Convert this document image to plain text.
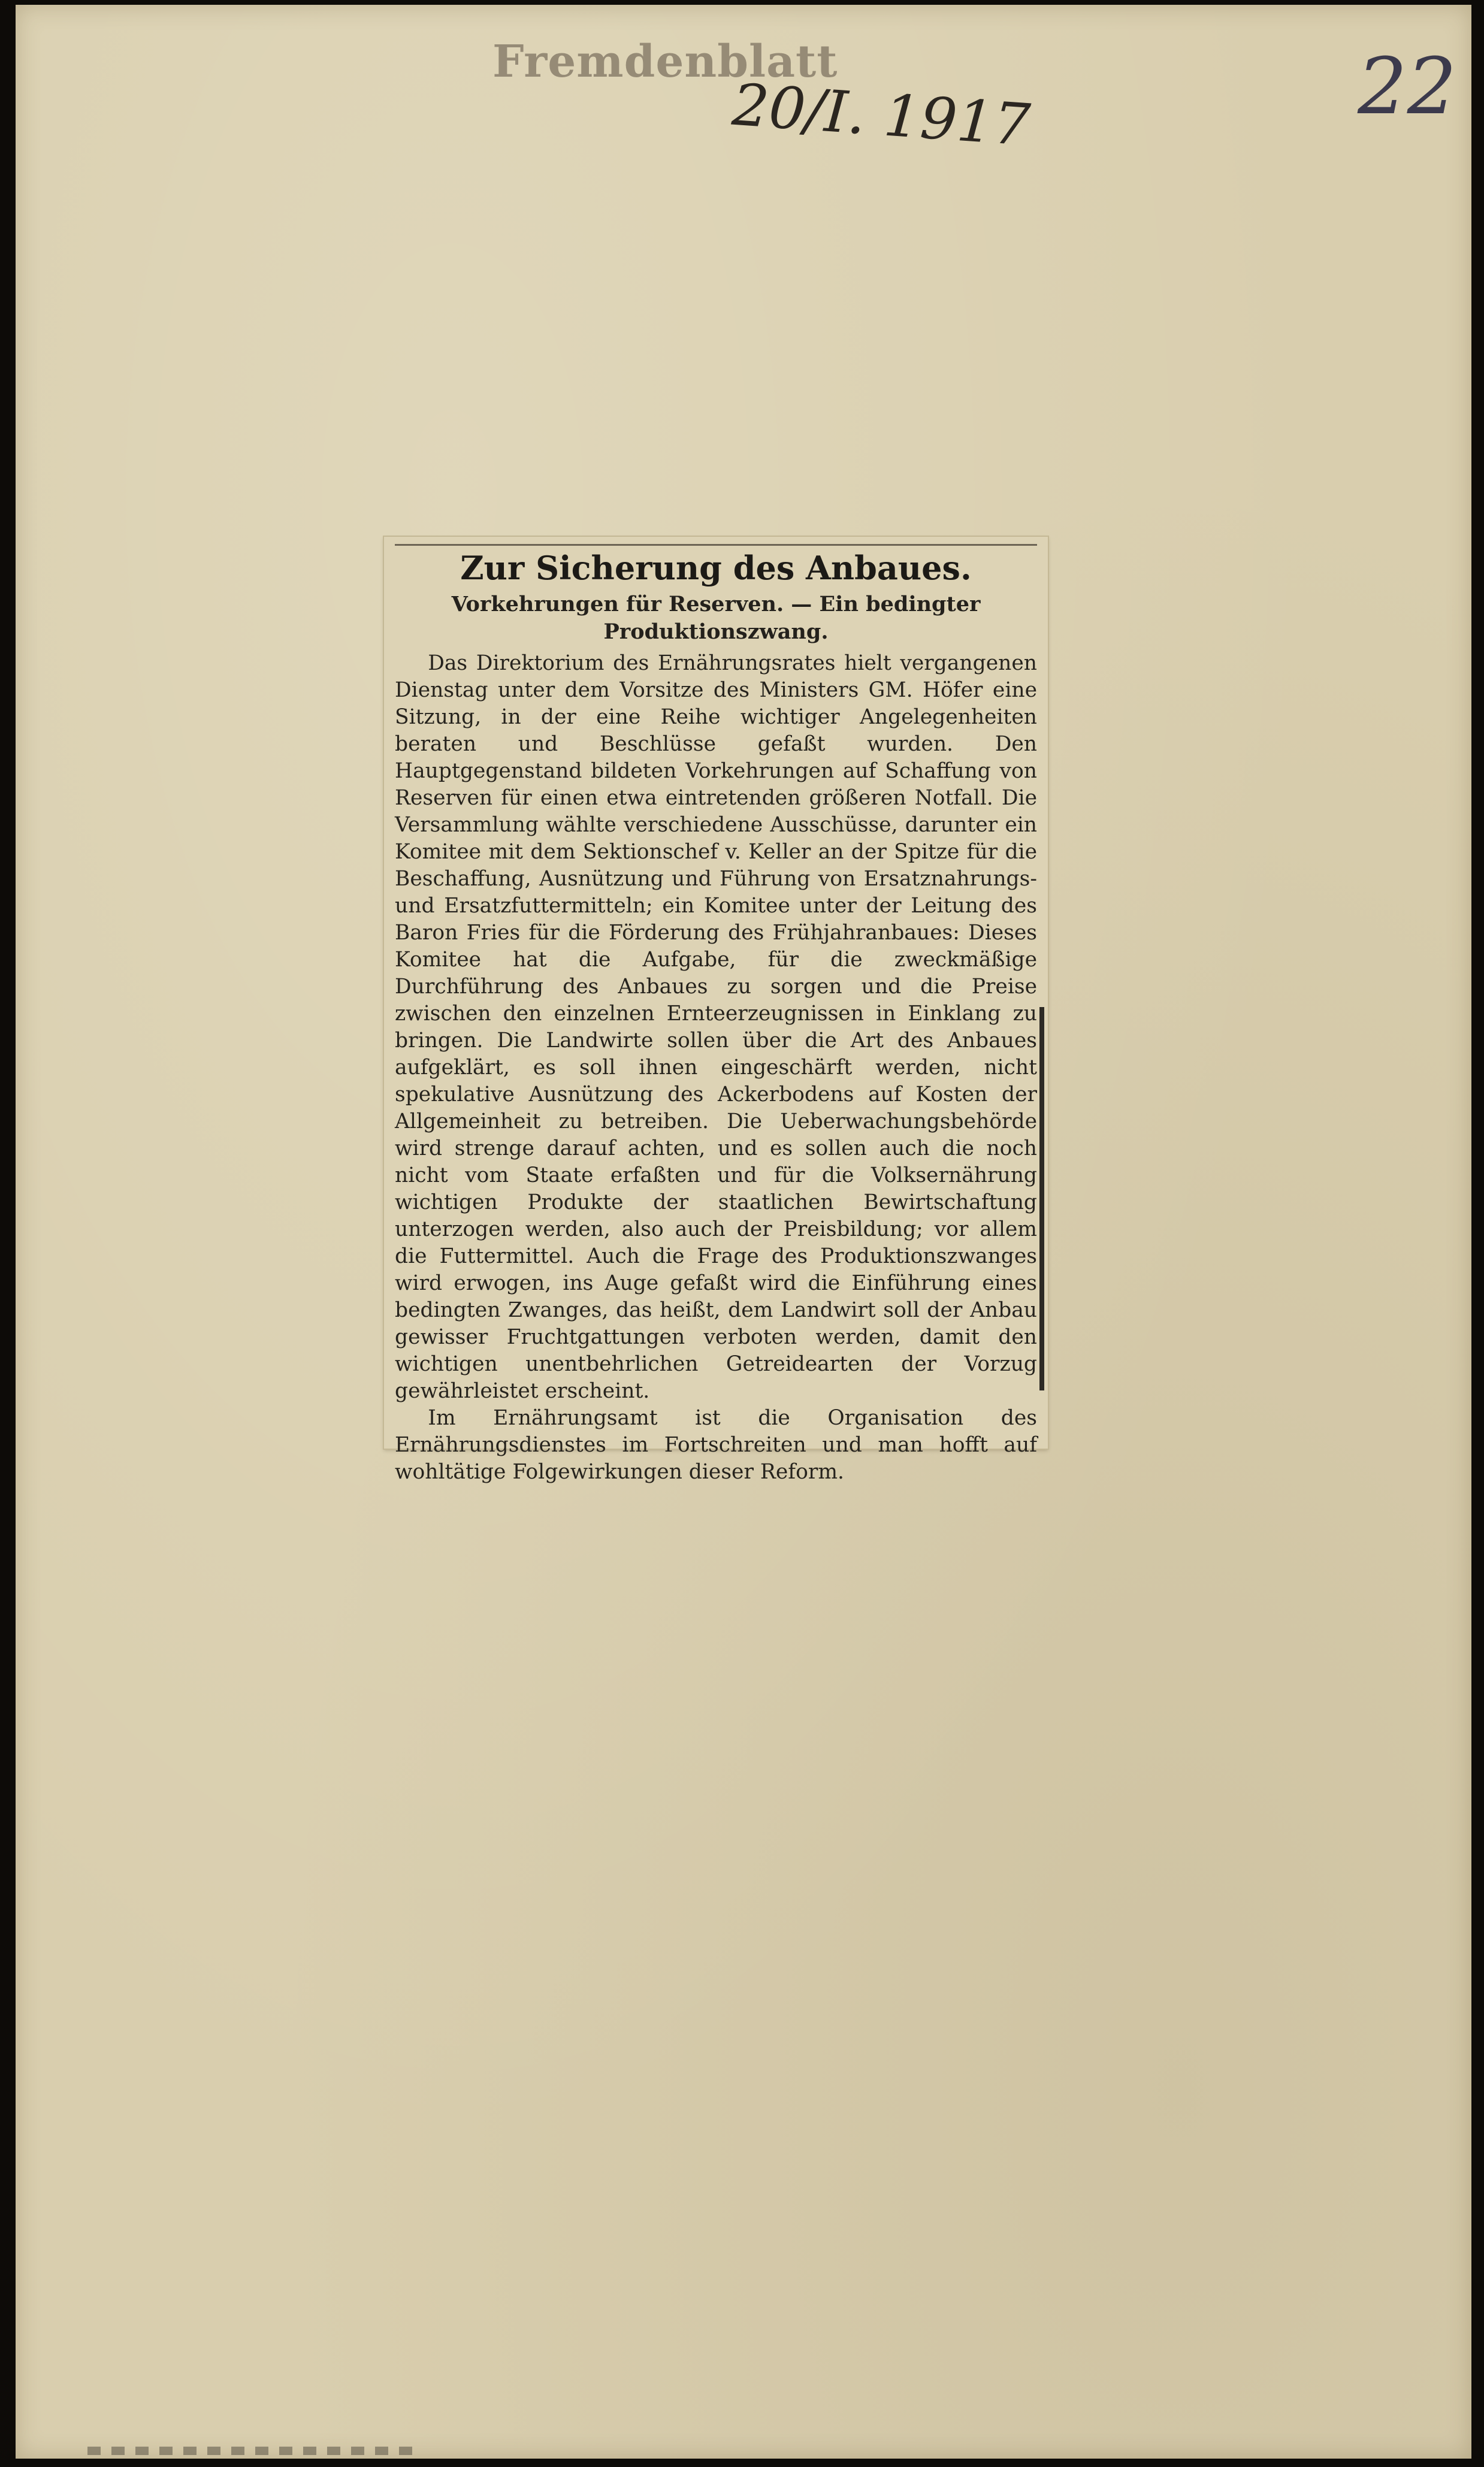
Fremdenblatt
20/I. 1917	22
Zur Sicherung des Anbaues.
Vorkehrungen für Reserven. — Ein bedingter Produktionszwang.

Das Direktorium des Ernährungsrates hielt vergangenen Dienstag unter dem Vorsitze des Ministers GM. Höfer eine Sitzung, in der eine Reihe wichtiger Angelegenheiten beraten und Beschlüsse gefaßt wurden. Den Hauptgegenstand bildeten Vorkehrungen auf Schaffung von Reserven für einen etwa eintretenden größeren Notfall. Die Versammlung wählte verschiedene Ausschüsse, darunter ein Komitee mit dem Sektionschef v. Keller an der Spitze für die Beschaffung, Ausnützung und Führung von Ersatznahrungs- und Ersatzfuttermitteln; ein Komitee unter der Leitung des Baron Fries für die Förderung des Frühjahranbaues: Dieses Komitee hat die Aufgabe, für die zweckmäßige Durchführung des Anbaues zu sorgen und die Preise zwischen den einzelnen Ernteerzeugnissen in Einklang zu bringen. Die Landwirte sollen über die Art des Anbaues aufgeklärt, es soll ihnen eingeschärft werden, nicht spekulative Ausnützung des Ackerbodens auf Kosten der Allgemeinheit zu betreiben. Die Ueberwachungsbehörde wird strenge darauf achten, und es sollen auch die noch nicht vom Staate erfaßten und für die Volksernährung wichtigen Produkte der staatlichen Bewirtschaftung unterzogen werden, also auch der Preisbildung; vor allem die Futtermittel. Auch die Frage des Produktionszwanges wird erwogen, ins Auge gefaßt wird die Einführung eines bedingten Zwanges, das heißt, dem Landwirt soll der Anbau gewisser Fruchtgattungen verboten werden, damit den wichtigen unentbehrlichen Getreidearten der Vorzug gewährleistet erscheint.

Im Ernährungsamt ist die Organisation des Ernährungsdienstes im Fortschreiten und man hofft auf wohltätige Folgewirkungen dieser Reform.
